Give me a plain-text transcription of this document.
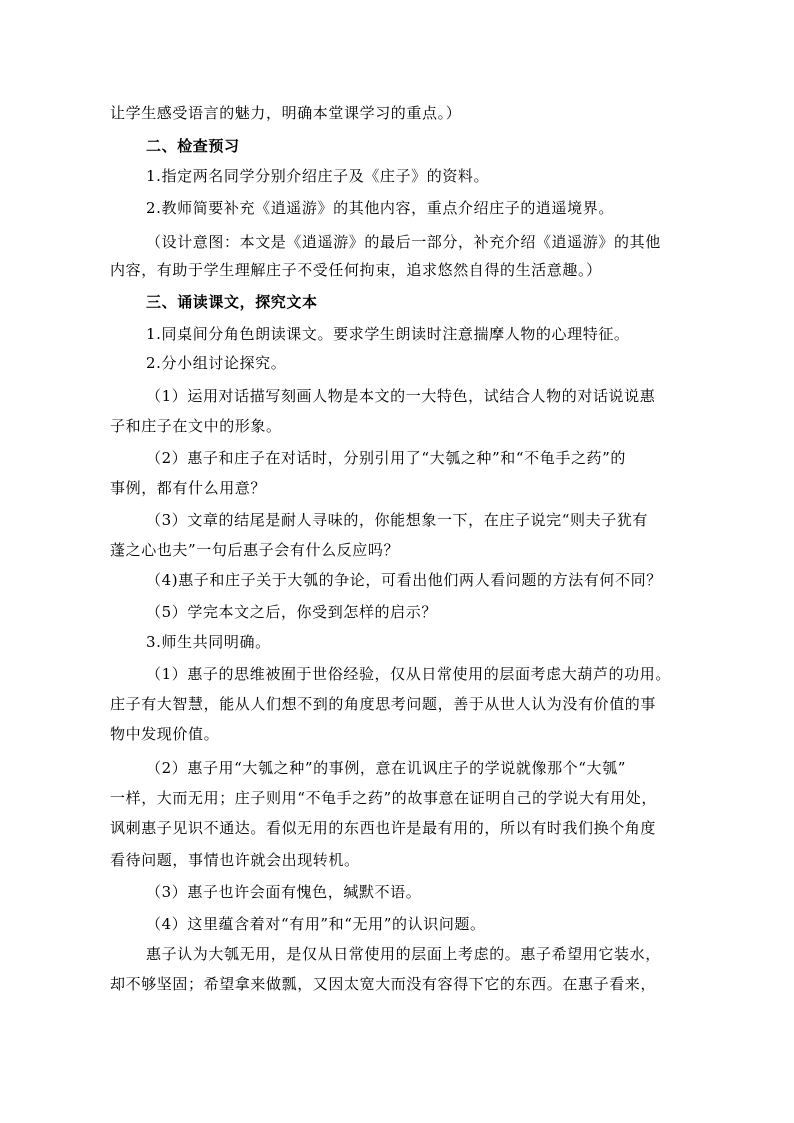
让学生感受语言的魅力，明确本堂课学习的重点。）
二、检查预习
1.指定两名同学分别介绍庄子及《庄子》的资料。
2.教师简要补充《逍遥游》的其他内容，重点介绍庄子的逍遥境界。
（设计意图：本文是《逍遥游》的最后一部分，补充介绍《逍遥游》的其他
内容，有助于学生理解庄子不受任何拘束，追求悠然自得的生活意趣。）
三、诵读课文，探究文本
1.同桌间分角色朗读课文。要求学生朗读时注意揣摩人物的心理特征。
2.分小组讨论探究。
（1）运用对话描写刻画人物是本文的一大特色，试结合人物的对话说说惠
子和庄子在文中的形象。
（2）惠子和庄子在对话时，分别引用了“大瓠之种”和“不龟手之药”的
事例，都有什么用意？
（3）文章的结尾是耐人寻味的，你能想象一下，在庄子说完“则夫子犹有
蓬之心也夫”一句后惠子会有什么反应吗？
（4)惠子和庄子关于大瓠的争论，可看出他们两人看问题的方法有何不同？
（5）学完本文之后，你受到怎样的启示？
3.师生共同明确。
（1）惠子的思维被囿于世俗经验，仅从日常使用的层面考虑大葫芦的功用。
庄子有大智慧，能从人们想不到的角度思考问题，善于从世人认为没有价值的事
物中发现价值。
（2）惠子用“大瓠之种”的事例，意在讥讽庄子的学说就像那个“大瓠”
一样，大而无用；庄子则用“不龟手之药”的故事意在证明自己的学说大有用处，
讽刺惠子见识不通达。看似无用的东西也许是最有用的，所以有时我们换个角度
看待问题，事情也许就会出现转机。
（3）惠子也许会面有愧色，缄默不语。
（4）这里蕴含着对“有用”和“无用”的认识问题。
惠子认为大瓠无用，是仅从日常使用的层面上考虑的。惠子希望用它装水，
却不够坚固；希望拿来做瓢，又因太宽大而没有容得下它的东西。在惠子看来，
